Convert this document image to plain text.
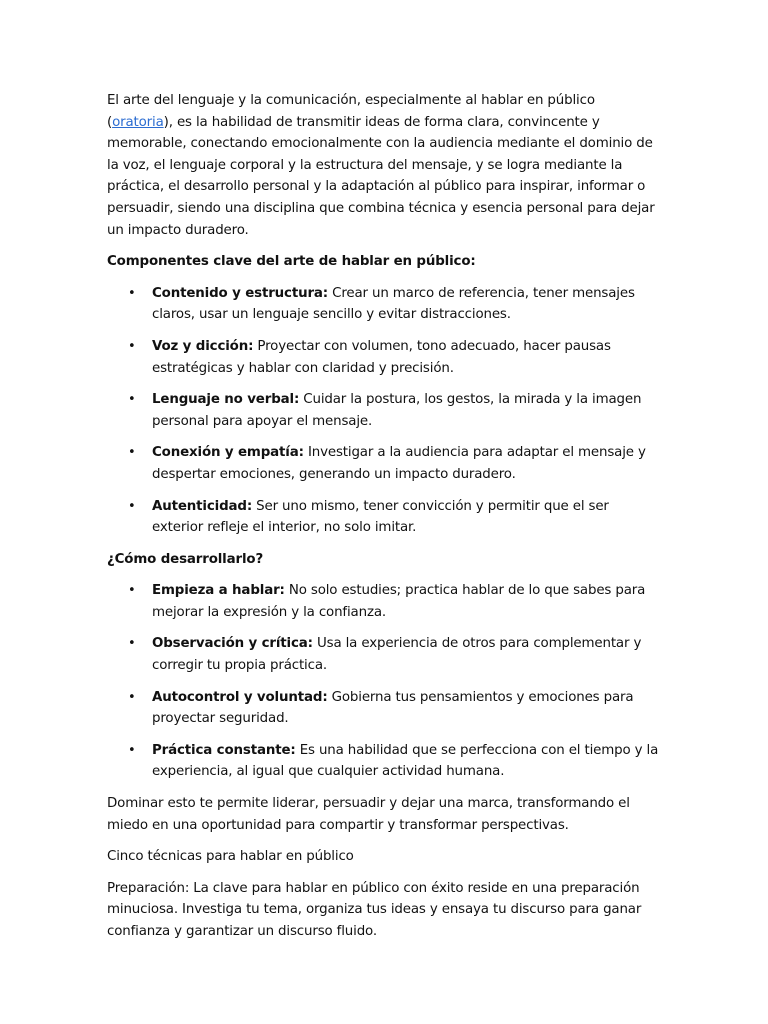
El arte del lenguaje y la comunicación, especialmente al hablar en público (oratoria), es la habilidad de transmitir ideas de forma clara, convincente y memorable, conectando emocionalmente con la audiencia mediante el dominio de la voz, el lenguaje corporal y la estructura del mensaje, y se logra mediante la práctica, el desarrollo personal y la adaptación al público para inspirar, informar o persuadir, siendo una disciplina que combina técnica y esencia personal para dejar un impacto duradero.

Componentes clave del arte de hablar en público:

• Contenido y estructura: Crear un marco de referencia, tener mensajes claros, usar un lenguaje sencillo y evitar distracciones.
• Voz y dicción: Proyectar con volumen, tono adecuado, hacer pausas estratégicas y hablar con claridad y precisión.
• Lenguaje no verbal: Cuidar la postura, los gestos, la mirada y la imagen personal para apoyar el mensaje.
• Conexión y empatía: Investigar a la audiencia para adaptar el mensaje y despertar emociones, generando un impacto duradero.
• Autenticidad: Ser uno mismo, tener convicción y permitir que el ser exterior refleje el interior, no solo imitar.

¿Cómo desarrollarlo?

• Empieza a hablar: No solo estudies; practica hablar de lo que sabes para mejorar la expresión y la confianza.
• Observación y crítica: Usa la experiencia de otros para complementar y corregir tu propia práctica.
• Autocontrol y voluntad: Gobierna tus pensamientos y emociones para proyectar seguridad.
• Práctica constante: Es una habilidad que se perfecciona con el tiempo y la experiencia, al igual que cualquier actividad humana.

Dominar esto te permite liderar, persuadir y dejar una marca, transformando el miedo en una oportunidad para compartir y transformar perspectivas.

Cinco técnicas para hablar en público

Preparación: La clave para hablar en público con éxito reside en una preparación minuciosa. Investiga tu tema, organiza tus ideas y ensaya tu discurso para ganar confianza y garantizar un discurso fluido.
